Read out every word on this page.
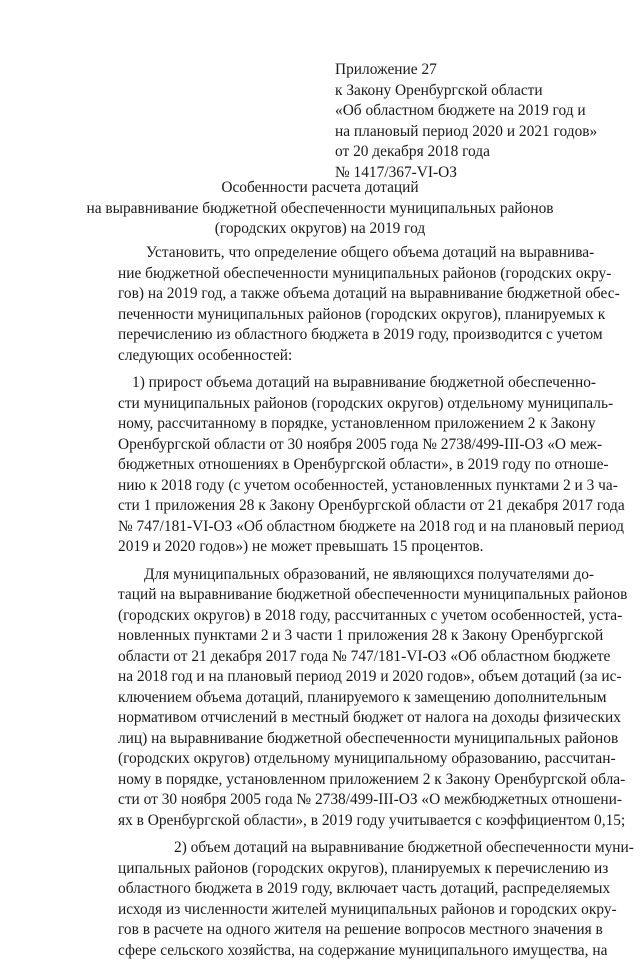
Приложение 27
к Закону Оренбургской области
«Об областном бюджете на 2019 год и
на плановый период 2020 и 2021 годов»
от 20 декабря 2018 года
№ 1417/367-VI-ОЗ
Особенности расчета дотаций
на выравнивание бюджетной обеспеченности муниципальных районов
(городских округов) на 2019 год
Установить, что определение общего объема дотаций на выравнива-
ние бюджетной обеспеченности муниципальных районов (городских окру-
гов) на 2019 год, а также объема дотаций на выравнивание бюджетной обес-
печенности муниципальных районов (городских округов), планируемых к
перечислению из областного бюджета в 2019 году, производится с учетом
следующих особенностей:
1) прирост объема дотаций на выравнивание бюджетной обеспеченно-
сти муниципальных районов (городских округов) отдельному муниципаль-
ному, рассчитанному в порядке, установленном приложением 2 к Закону
Оренбургской области от 30 ноября 2005 года № 2738/499-III-ОЗ «О меж-
бюджетных отношениях в Оренбургской области», в 2019 году по отноше-
нию к 2018 году (с учетом особенностей, установленных пунктами 2 и 3 ча-
сти 1 приложения 28 к Закону Оренбургской области от 21 декабря 2017 года
№ 747/181-VI-ОЗ «Об областном бюджете на 2018 год и на плановый период
2019 и 2020 годов») не может превышать 15 процентов.
Для муниципальных образований, не являющихся получателями до-
таций на выравнивание бюджетной обеспеченности муниципальных районов
(городских округов) в 2018 году, рассчитанных с учетом особенностей, уста-
новленных пунктами 2 и 3 части 1 приложения 28 к Закону Оренбургской
области от 21 декабря 2017 года № 747/181-VI-ОЗ «Об областном бюджете
на 2018 год и на плановый период 2019 и 2020 годов», объем дотаций (за ис-
ключением объема дотаций, планируемого к замещению дополнительным
нормативом отчислений в местный бюджет от налога на доходы физических
лиц) на выравнивание бюджетной обеспеченности муниципальных районов
(городских округов) отдельному муниципальному образованию, рассчитан-
ному в порядке, установленном приложением 2 к Закону Оренбургской обла-
сти от 30 ноября 2005 года № 2738/499-III-ОЗ «О межбюджетных отношени-
ях в Оренбургской области», в 2019 году учитывается с коэффициентом 0,15;
2) объем дотаций на выравнивание бюджетной обеспеченности муни-
ципальных районов (городских округов), планируемых к перечислению из
областного бюджета в 2019 году, включает часть дотаций, распределяемых
исходя из численности жителей муниципальных районов и городских окру-
гов в расчете на одного жителя на решение вопросов местного значения в
сфере сельского хозяйства, на содержание муниципального имущества, на
